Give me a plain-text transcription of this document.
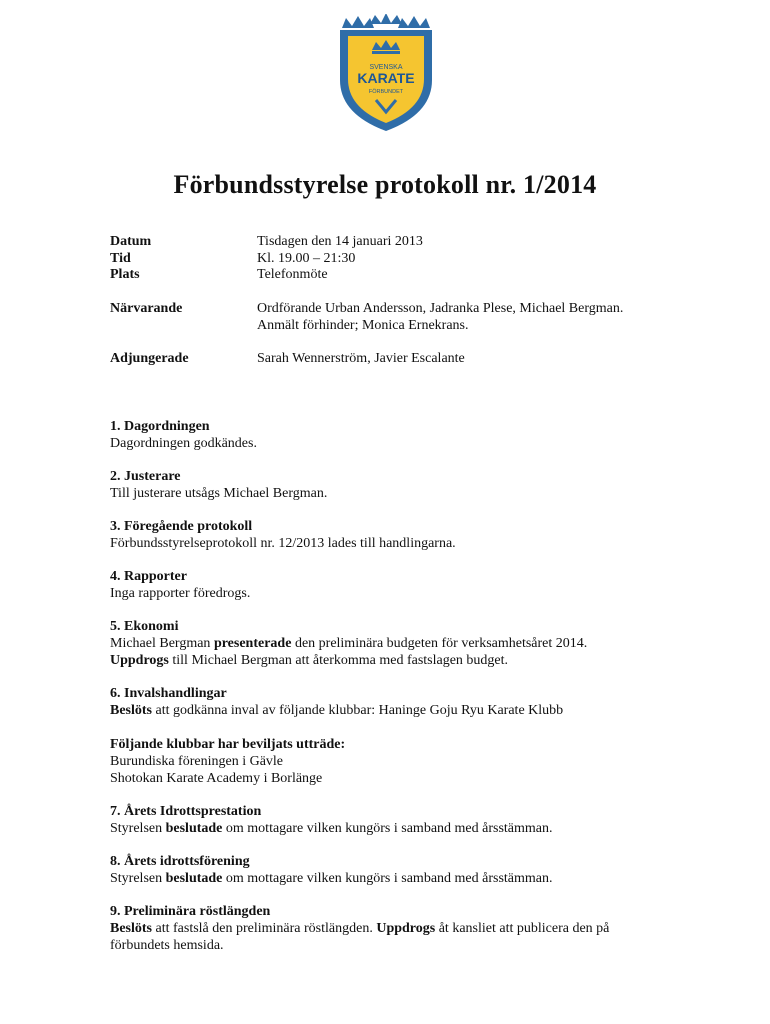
SVENSKA
KARATE
FÖRBUNDET
Förbundsstyrelse protokoll nr. 1/2014
Datum	Tisdagen den 14 januari 2013
Tid	Kl. 19.00 – 21:30
Plats	Telefonmöte
Närvarande	Ordförande Urban Andersson, Jadranka Plese, Michael Bergman.
Anmält förhinder; Monica Ernekrans.
Adjungerade	Sarah Wennerström, Javier Escalante
1. Dagordningen
Dagordningen godkändes.
2. Justerare
Till justerare utsågs Michael Bergman.
3. Föregående protokoll
Förbundsstyrelseprotokoll nr. 12/2013 lades till handlingarna.
4. Rapporter
Inga rapporter föredrogs.
5. Ekonomi
Michael Bergman presenterade den preliminära budgeten för verksamhetsåret 2014.
Uppdrogs till Michael Bergman att återkomma med fastslagen budget.
6. Invalshandlingar
Beslöts att godkänna inval av följande klubbar: Haninge Goju Ryu Karate Klubb
Följande klubbar har beviljats utträde:
Burundiska föreningen i Gävle
Shotokan Karate Academy i Borlänge
7. Årets Idrottsprestation
Styrelsen beslutade om mottagare vilken kungörs i samband med årsstämman.
8. Årets idrottsförening
Styrelsen beslutade om mottagare vilken kungörs i samband med årsstämman.
9. Preliminära röstlängden
Beslöts att fastslå den preliminära röstlängden. Uppdrogs åt kansliet att publicera den på
förbundets hemsida.
